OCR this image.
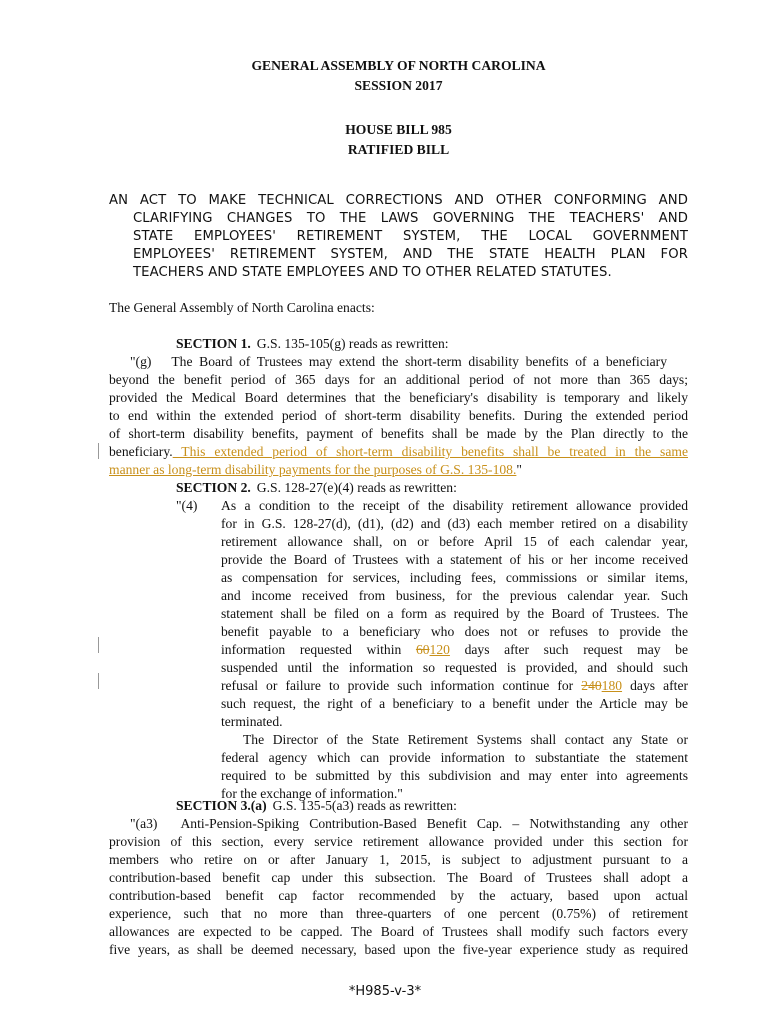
GENERAL ASSEMBLY OF NORTH CAROLINA
SESSION 2017
HOUSE BILL 985
RATIFIED BILL
AN ACT TO MAKE TECHNICAL CORRECTIONS AND OTHER CONFORMING AND
CLARIFYING CHANGES TO THE LAWS GOVERNING THE TEACHERS' AND
STATE EMPLOYEES' RETIREMENT SYSTEM, THE LOCAL GOVERNMENT
EMPLOYEES' RETIREMENT SYSTEM, AND THE STATE HEALTH PLAN FOR
TEACHERS AND STATE EMPLOYEES AND TO OTHER RELATED STATUTES.
The General Assembly of North Carolina enacts:
SECTION 1. G.S. 135-105(g) reads as rewritten:
"(g)  The Board of Trustees may extend the short-term disability benefits of a beneficiary
beyond the benefit period of 365 days for an additional period of not more than 365 days;
provided the Medical Board determines that the beneficiary's disability is temporary and likely
to end within the extended period of short-term disability benefits. During the extended period
of short-term disability benefits, payment of benefits shall be made by the Plan directly to the
beneficiary. This extended period of short-term disability benefits shall be treated in the same
manner as long-term disability payments for the purposes of G.S. 135-108."
SECTION 2. G.S. 128-27(e)(4) reads as rewritten:
"(4) As a condition to the receipt of the disability retirement allowance provided
for in G.S. 128-27(d), (d1), (d2) and (d3) each member retired on a disability
retirement allowance shall, on or before April 15 of each calendar year,
provide the Board of Trustees with a statement of his or her income received
as compensation for services, including fees, commissions or similar items,
and income received from business, for the previous calendar year. Such
statement shall be filed on a form as required by the Board of Trustees. The
benefit payable to a beneficiary who does not or refuses to provide the
information requested within 60120 days after such request may be
suspended until the information so requested is provided, and should such
refusal or failure to provide such information continue for 240180 days after
such request, the right of a beneficiary to a benefit under the Article may be
terminated.
The Director of the State Retirement Systems shall contact any State or
federal agency which can provide information to substantiate the statement
required to be submitted by this subdivision and may enter into agreements
for the exchange of information."
SECTION 3.(a) G.S. 135-5(a3) reads as rewritten:
"(a3)  Anti-Pension-Spiking Contribution-Based Benefit Cap. – Notwithstanding any other
provision of this section, every service retirement allowance provided under this section for
members who retire on or after January 1, 2015, is subject to adjustment pursuant to a
contribution-based benefit cap under this subsection. The Board of Trustees shall adopt a
contribution-based benefit cap factor recommended by the actuary, based upon actual
experience, such that no more than three-quarters of one percent (0.75%) of retirement
allowances are expected to be capped. The Board of Trustees shall modify such factors every
five years, as shall be deemed necessary, based upon the five-year experience study as required
*H985-v-3*
